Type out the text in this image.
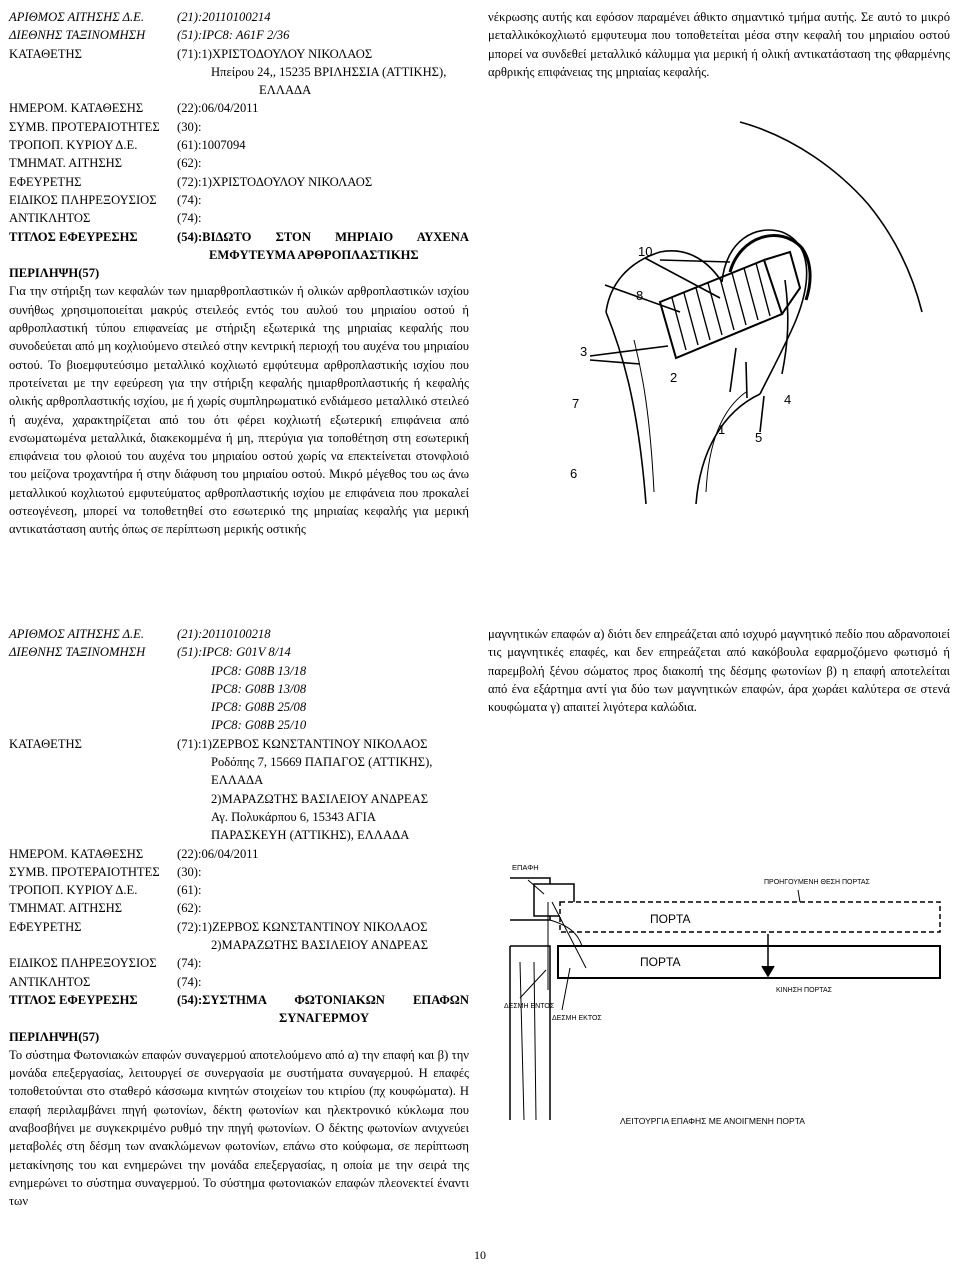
ΑΡΙΘΜΟΣ ΑΙΤΗΣΗΣ Δ.Ε.	(21):20110100214
ΔΙΕΘΝΗΣ ΤΑΞΙΝΟΜΗΣΗ	(51):IPC8: A61F 2/36
ΚΑΤΑΘΕΤΗΣ	(71):1)ΧΡΙΣΤΟΔΟΥΛΟΥ ΝΙΚΟΛΑΟΣ
Ηπείρου 24,, 15235 ΒΡΙΛΗΣΣΙΑ (ΑΤΤΙΚΗΣ),
ΕΛΛΑΔΑ
ΗΜΕΡΟΜ. ΚΑΤΑΘΕΣΗΣ	(22):06/04/2011
ΣΥΜΒ. ΠΡΟΤΕΡΑΙΟΤΗΤΕΣ	(30):
ΤΡΟΠΟΠ. ΚΥΡΙΟΥ Δ.Ε.	(61):1007094
ΤΜΗΜΑΤ. ΑΙΤΗΣΗΣ	(62):
ΕΦΕΥΡΕΤΗΣ	(72):1)ΧΡΙΣΤΟΔΟΥΛΟΥ ΝΙΚΟΛΑΟΣ
ΕΙΔΙΚΟΣ ΠΛΗΡΕΞΟΥΣΙΟΣ	(74):
ΑΝΤΙΚΛΗΤΟΣ	(74):
ΤΙΤΛΟΣ ΕΦΕΥΡΕΣΗΣ	(54):ΒΙΔΩΤΟ ΣΤΟΝ ΜΗΡΙΑΙΟ ΑΥΧΕΝΑ
ΕΜΦΥΤΕΥΜΑ ΑΡΘΡΟΠΛΑΣΤΙΚΗΣ
ΠΕΡΙΛΗΨΗ(57)

Για την στήριξη των κεφαλών των ημιαρθροπλαστικών ή ολικών αρθροπλαστικών ισχίου συνήθως χρησιμοποιείται μακρύς στειλεός εντός του αυλού του μηριαίου οστού ή αρθροπλαστική τύπου επιφανείας με στήριξη εξωτερικά της μηριαίας κεφαλής που συνοδεύεται από μη κοχλιούμενο στειλεό στην κεντρική περιοχή του αυχένα του μηριαίου οστού. Το βιοεμφυτεύσιμο μεταλλικό κοχλιωτό εμφύτευμα αρθροπλαστικής ισχίου που προτείνεται με την εφεύρεση για την στήριξη κεφαλής ημιαρθροπλαστικής ή κεφαλής ολικής αρθροπλαστικής ισχίου, με ή χωρίς συμπληρωματικό ενδιάμεσο μεταλλικό στειλεό ή αυχένα, χαρακτηρίζεται από του ότι φέρει κοχλιωτή εξωτερική επιφάνεια από ενσωματωμένα μεταλλικά, διακεκομμένα ή μη, πτερύγια για τοποθέτηση στη εσωτερική επιφάνεια του φλοιού του αυχένα του μηριαίου οστού χωρίς να επεκτείνεται στονφλοιό του μείζονα τροχαντήρα ή στην διάφυση του μηριαίου οστού. Μικρό μέγεθος του ως άνω μεταλλικού κοχλιωτού εμφυτεύματος αρθροπλαστικής ισχίου με επιφάνεια που προκαλεί οστεογένεση, μπορεί να τοποθετηθεί στο εσωτερικό της μηριαίας κεφαλής για μερική αντικατάσταση αυτής όπως σε περίπτωση μερικής οστικής

νέκρωσης αυτής και εφόσον παραμένει άθικτο σημαντικό τμήμα αυτής. Σε αυτό το μικρό μεταλλικόκοχλιωτό εμφυτευμα που τοποθετείται μέσα στην κεφαλή του μηριαίου οστού μπορεί να συνδεθεί μεταλλικό κάλυμμα για μερική ή ολική αντικατάσταση της φθαρμένης αρθρικής επιφάνειας της μηριαίας κεφαλής.

10
8
3
2
4
7
1
5
6
ΑΡΙΘΜΟΣ ΑΙΤΗΣΗΣ Δ.Ε.	(21):20110100218
ΔΙΕΘΝΗΣ ΤΑΞΙΝΟΜΗΣΗ	(51):IPC8: G01V 8/14
IPC8: G08B 13/18
IPC8: G08B 13/08
IPC8: G08B 25/08
IPC8: G08B 25/10
ΚΑΤΑΘΕΤΗΣ	(71):1)ΖΕΡΒΟΣ ΚΩΝΣΤΑΝΤΙΝΟΥ ΝΙΚΟΛΑΟΣ
Ροδόπης 7, 15669 ΠΑΠΑΓΟΣ (ΑΤΤΙΚΗΣ),
ΕΛΛΑΔΑ
2)ΜΑΡΑΖΩΤΗΣ ΒΑΣΙΛΕΙΟΥ ΑΝΔΡΕΑΣ
Αγ. Πολυκάρπου 6, 15343 ΑΓΙΑ
ΠΑΡΑΣΚΕΥΗ (ΑΤΤΙΚΗΣ), ΕΛΛΑΔΑ
ΗΜΕΡΟΜ. ΚΑΤΑΘΕΣΗΣ	(22):06/04/2011
ΣΥΜΒ. ΠΡΟΤΕΡΑΙΟΤΗΤΕΣ	(30):
ΤΡΟΠΟΠ. ΚΥΡΙΟΥ Δ.Ε.	(61):
ΤΜΗΜΑΤ. ΑΙΤΗΣΗΣ	(62):
ΕΦΕΥΡΕΤΗΣ	(72):1)ΖΕΡΒΟΣ ΚΩΝΣΤΑΝΤΙΝΟΥ ΝΙΚΟΛΑΟΣ
2)ΜΑΡΑΖΩΤΗΣ ΒΑΣΙΛΕΙΟΥ ΑΝΔΡΕΑΣ
ΕΙΔΙΚΟΣ ΠΛΗΡΕΞΟΥΣΙΟΣ	(74):
ΑΝΤΙΚΛΗΤΟΣ	(74):
ΤΙΤΛΟΣ ΕΦΕΥΡΕΣΗΣ	(54):ΣΥΣΤΗΜΑ ΦΩΤΟΝΙΑΚΩΝ ΕΠΑΦΩΝ
ΣΥΝΑΓΕΡΜΟΥ
ΠΕΡΙΛΗΨΗ(57)

Το σύστημα Φωτονιακών επαφών συναγερμού αποτελούμενο από α) την επαφή και β) την μονάδα επεξεργασίας, λειτουργεί σε συνεργασία με συστήματα συναγερμού. Η επαφές τοποθετούνται στο σταθερό κάσσωμα κινητών στοιχείων του κτιρίου (πχ κουφώματα). Η επαφή περιλαμβάνει πηγή φωτονίων, δέκτη φωτονίων και ηλεκτρονικό κύκλωμα που αναβοσβήνει με συγκεκριμένο ρυθμό την πηγή φωτονίων. Ο δέκτης φωτονίων ανιχνεύει μεταβολές στη δέσμη των ανακλώμενων φωτονίων, επάνω στο κούφωμα, σε περίπτωση μετακίνησης του και ενημερώνει την μονάδα επεξεργασίας, η οποία με την σειρά της ενημερώνει το σύστημα συναγερμού. Το σύστημα φωτονιακών επαφών πλεονεκτεί έναντι των

μαγνητικών επαφών α) διότι δεν επηρεάζεται από ισχυρό μαγνητικό πεδίο που αδρανοποιεί τις μαγνητικές επαφές, και δεν επηρεάζεται από κακόβουλα εφαρμοζόμενο φωτισμό ή παρεμβολή ξένου σώματος προς διακοπή της δέσμης φωτονίων β) η επαφή αποτελείται από ένα εξάρτημα αντί για δύο των μαγνητικών επαφών, άρα χωράει καλύτερα σε στενά κουφώματα γ) απαιτεί λιγότερα καλώδια.

ΕΠΑΦΗ
ΠΟΡΤΑ
ΠΡΟΗΓΟΥΜΕΝΗ ΘΕΣΗ ΠΟΡΤΑΣ
ΠΟΡΤΑ
ΚΙΝΗΣΗ ΠΟΡΤΑΣ
ΔΕΣΜΗ ΕΝΤΟΣ
ΔΕΣΜΗ ΕΚΤΟΣ
ΛΕΙΤΟΥΡΓΙΑ ΕΠΑΦΗΣ ΜΕ ΑΝΟΙΓΜΕΝΗ ΠΟΡΤΑ
10
